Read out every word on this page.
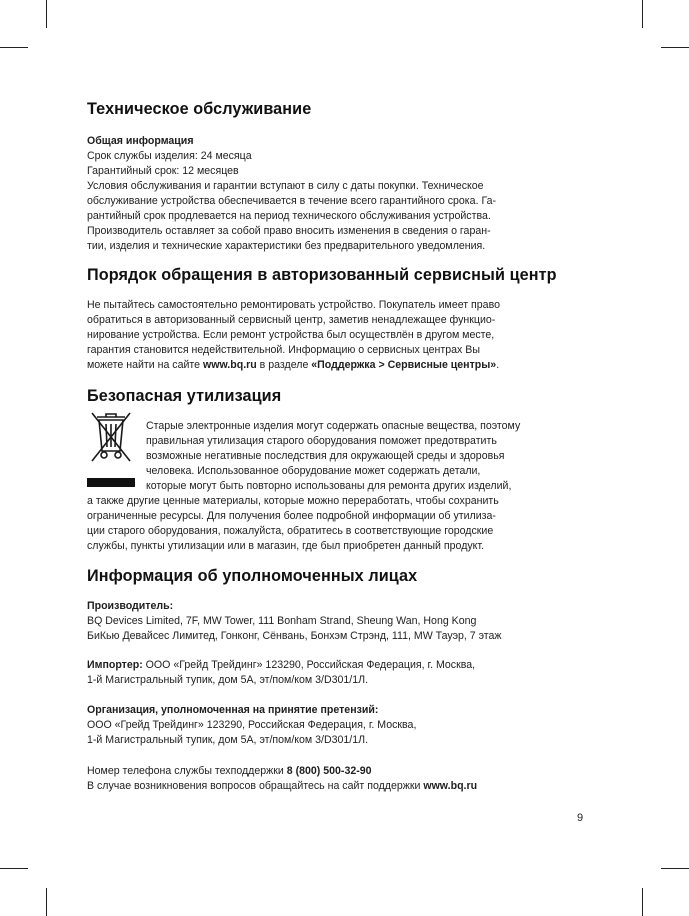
Техническое обслуживание

Общая информация

Срок службы изделия: 24 месяца

Гарантийный срок: 12 месяцев

Условия обслуживания и гарантии вступают в силу с даты покупки. Техническое

обслуживание устройства обеспечивается в течение всего гарантийного срока. Га-

рантийный срок продлевается на период технического обслуживания устройства.

Производитель оставляет за собой право вносить изменения в сведения о гаран-

тии, изделия и технические характеристики без предварительного уведомления.

Порядок обращения в авторизованный сервисный центр

Не пытайтесь самостоятельно ремонтировать устройство. Покупатель имеет право

обратиться в авторизованный сервисный центр, заметив ненадлежащее функцио-

нирование устройства. Если ремонт устройства был осуществлён в другом месте,

гарантия становится недействительной. Информацию о сервисных центрах Вы

можете найти на сайте www.bq.ru в разделе «Поддержка > Сервисные центры».

Безопасная утилизация

Старые электронные изделия могут содержать опасные вещества, поэтому

правильная утилизация старого оборудования поможет предотвратить

возможные негативные последствия для окружающей среды и здоровья

человека. Использованное оборудование может содержать детали,

которые могут быть повторно использованы для ремонта других изделий,

а также другие ценные материалы, которые можно переработать, чтобы сохранить

ограниченные ресурсы. Для получения более подробной информации об утилиза-

ции старого оборудования, пожалуйста, обратитесь в соответствующие городские

службы, пункты утилизации или в магазин, где был приобретен данный продукт.

Информация об уполномоченных лицах

Производитель:

BQ Devices Limited, 7F, MW Tower, 111 Bonham Strand, Sheung Wan, Hong Kong

БиКью Девайсес Лимитед, Гонконг, Сёнвань, Бонхэм Стрэнд, 111, MW Тауэр, 7 этаж

Импортер: ООО «Грейд Трейдинг» 123290, Российская Федерация, г. Москва,

1-й Магистральный тупик, дом 5А, эт/пом/ком 3/D301/1Л.

Организация, уполномоченная на принятие претензий:

ООО «Грейд Трейдинг» 123290, Российская Федерация, г. Москва,

1-й Магистральный тупик, дом 5А, эт/пом/ком 3/D301/1Л.

Номер телефона службы техподдержки 8 (800) 500-32-90

В случае возникновения вопросов обращайтесь на сайт поддержки www.bq.ru

9
